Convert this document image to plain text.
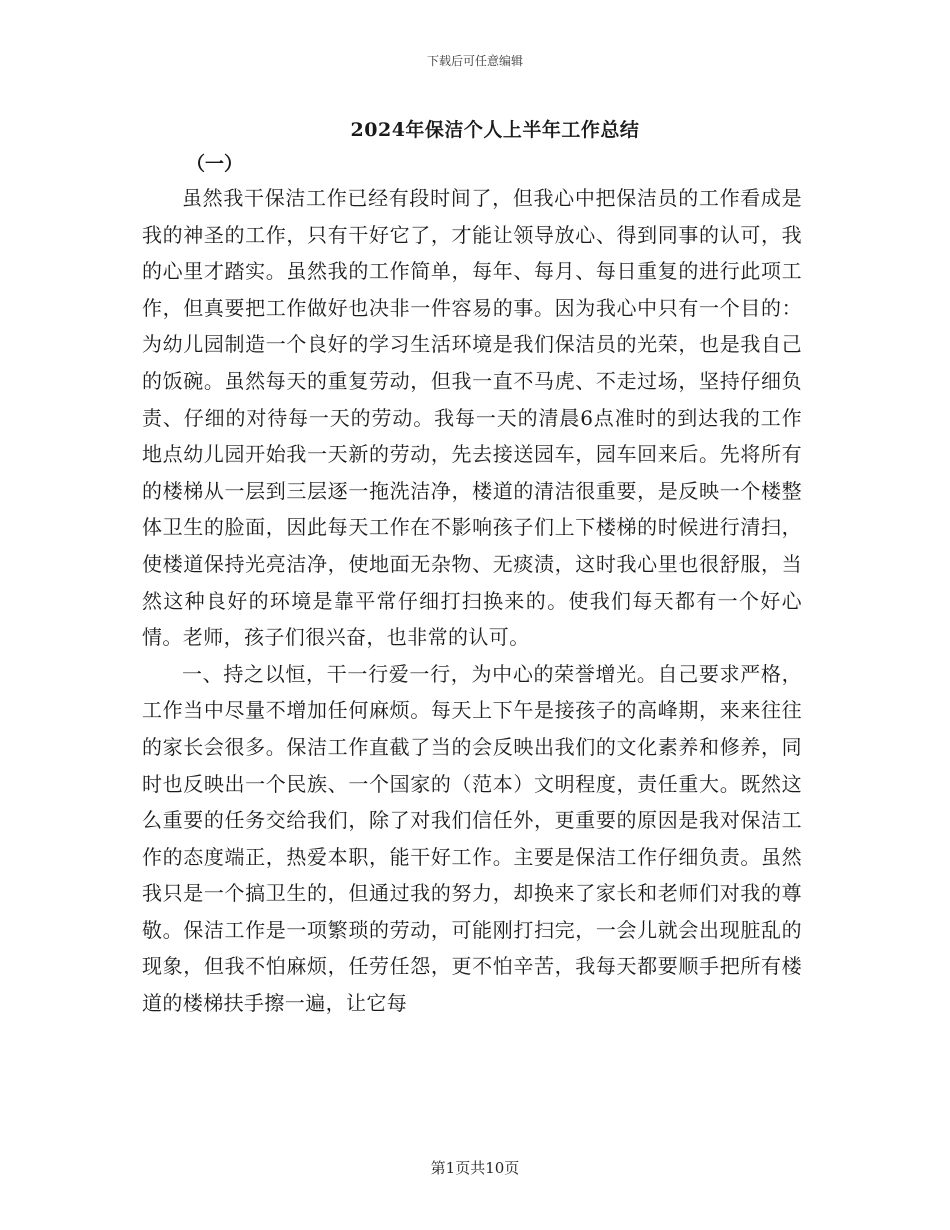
下载后可任意编辑
2024年保洁个人上半年工作总结
（一）

虽然我干保洁工作已经有段时间了，但我心中把保洁员的工作看成是我的神圣的工作，只有干好它了，才能让领导放心、得到同事的认可，我的心里才踏实。虽然我的工作简单，每年、每月、每日重复的进行此项工作，但真要把工作做好也决非一件容易的事。因为我心中只有一个目的：为幼儿园制造一个良好的学习生活环境是我们保洁员的光荣，也是我自己的饭碗。虽然每天的重复劳动，但我一直不马虎、不走过场，坚持仔细负责、仔细的对待每一天的劳动。我每一天的清晨6点准时的到达我的工作地点幼儿园开始我一天新的劳动，先去接送园车，园车回来后。先将所有的楼梯从一层到三层逐一拖洗洁净，楼道的清洁很重要，是反映一个楼整体卫生的脸面，因此每天工作在不影响孩子们上下楼梯的时候进行清扫，使楼道保持光亮洁净，使地面无杂物、无痰渍，这时我心里也很舒服，当然这种良好的环境是靠平常仔细打扫换来的。使我们每天都有一个好心情。老师，孩子们很兴奋，也非常的认可。

一、持之以恒，干一行爱一行，为中心的荣誉增光。自己要求严格，工作当中尽量不增加任何麻烦。每天上下午是接孩子的高峰期，来来往往的家长会很多。保洁工作直截了当的会反映出我们的文化素养和修养，同时也反映出一个民族、一个国家的（范本）文明程度，责任重大。既然这么重要的任务交给我们，除了对我们信任外，更重要的原因是我对保洁工作的态度端正，热爱本职，能干好工作。主要是保洁工作仔细负责。虽然我只是一个搞卫生的，但通过我的努力，却换来了家长和老师们对我的尊敬。保洁工作是一项繁琐的劳动，可能刚打扫完，一会儿就会出现脏乱的现象，但我不怕麻烦，任劳任怨，更不怕辛苦，我每天都要顺手把所有楼道的楼梯扶手擦一遍，让它每

第1页共10页
